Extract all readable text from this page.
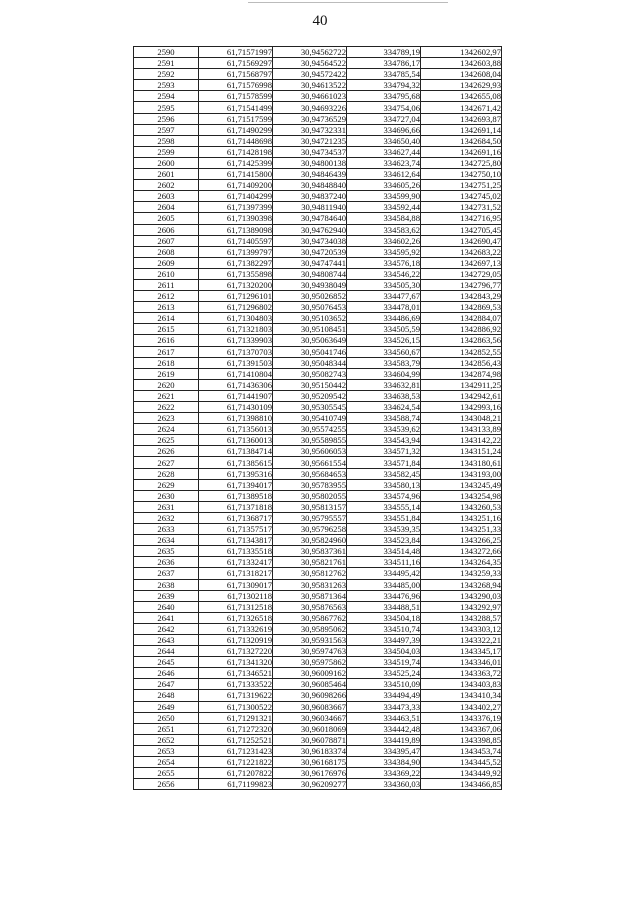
40
2590	61,71571997	30,94562722	334789,19	1342602,97
2591	61,71569297	30,94564522	334786,17	1342603,88
2592	61,71568797	30,94572422	334785,54	1342608,04
2593	61,71576998	30,94613522	334794,32	1342629,93
2594	61,71578599	30,94661023	334795,68	1342655,08
2595	61,71541499	30,94693226	334754,06	1342671,42
2596	61,71517599	30,94736529	334727,04	1342693,87
2597	61,71490299	30,94732331	334696,66	1342691,14
2598	61,71448698	30,94721235	334650,40	1342684,50
2599	61,71428198	30,94734537	334627,44	1342691,16
2600	61,71425399	30,94800138	334623,74	1342725,80
2601	61,71415800	30,94846439	334612,64	1342750,10
2602	61,71409200	30,94848840	334605,26	1342751,25
2603	61,71404299	30,94837240	334599,90	1342745,02
2604	61,71397399	30,94811940	334592,44	1342731,52
2605	61,71390398	30,94784640	334584,88	1342716,95
2606	61,71389098	30,94762940	334583,62	1342705,45
2607	61,71405597	30,94734038	334602,26	1342690,47
2608	61,71399797	30,94720539	334595,92	1342683,22
2609	61,71382297	30,94747441	334576,18	1342697,13
2610	61,71355898	30,94808744	334546,22	1342729,05
2611	61,71320200	30,94938049	334505,30	1342796,77
2612	61,71296101	30,95026852	334477,67	1342843,29
2613	61,71296802	30,95076453	334478,01	1342869,53
2614	61,71304803	30,95103652	334486,69	1342884,07
2615	61,71321803	30,95108451	334505,59	1342886,92
2616	61,71339903	30,95063649	334526,15	1342863,56
2617	61,71370703	30,95041746	334560,67	1342852,55
2618	61,71391503	30,95048344	334583,79	1342856,43
2619	61,71410804	30,95082743	334604,99	1342874,98
2620	61,71436306	30,95150442	334632,81	1342911,25
2621	61,71441907	30,95209542	334638,53	1342942,61
2622	61,71430109	30,95305545	334624,54	1342993,16
2623	61,71398810	30,95410749	334588,74	1343048,21
2624	61,71356013	30,95574255	334539,62	1343133,89
2625	61,71360013	30,95589855	334543,94	1343142,22
2626	61,71384714	30,95606053	334571,32	1343151,24
2627	61,71385615	30,95661554	334571,84	1343180,61
2628	61,71395316	30,95684653	334582,45	1343193,00
2629	61,71394017	30,95783955	334580,13	1343245,49
2630	61,71389518	30,95802055	334574,96	1343254,98
2631	61,71371818	30,95813157	334555,14	1343260,53
2632	61,71368717	30,95795557	334551,84	1343251,16
2633	61,71357517	30,95796258	334539,35	1343251,33
2634	61,71343817	30,95824960	334523,84	1343266,25
2635	61,71335518	30,95837361	334514,48	1343272,66
2636	61,71332417	30,95821761	334511,16	1343264,35
2637	61,71318217	30,95812762	334495,42	1343259,33
2638	61,71309017	30,95831263	334485,00	1343268,94
2639	61,71302118	30,95871364	334476,96	1343290,03
2640	61,71312518	30,95876563	334488,51	1343292,97
2641	61,71326518	30,95867762	334504,18	1343288,57
2642	61,71332619	30,95895062	334510,74	1343303,12
2643	61,71320919	30,95931563	334497,39	1343322,21
2644	61,71327220	30,95974763	334504,03	1343345,17
2645	61,71341320	30,95975862	334519,74	1343346,01
2646	61,71346521	30,96009162	334525,24	1343363,72
2647	61,71333522	30,96085464	334510,09	1343403,83
2648	61,71319622	30,96098266	334494,49	1343410,34
2649	61,71300522	30,96083667	334473,33	1343402,27
2650	61,71291321	30,96034667	334463,51	1343376,19
2651	61,71272320	30,96018069	334442,48	1343367,06
2652	61,71252521	30,96078871	334419,89	1343398,85
2653	61,71231423	30,96183374	334395,47	1343453,74
2654	61,71221822	30,96168175	334384,90	1343445,52
2655	61,71207822	30,96176976	334369,22	1343449,92
2656	61,71199823	30,96209277	334360,03	1343466,85
